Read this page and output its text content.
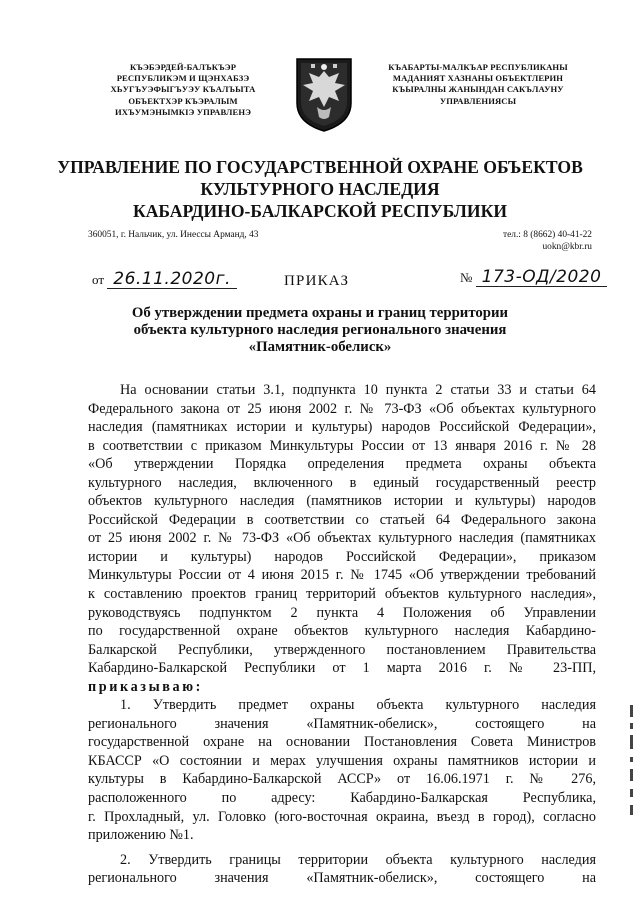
КЪЭБЭРДЕЙ-БАЛЪКЪЭР
РЕСПУБЛИКЭМ И ЩЭНХАБЗЭ
ХЬУГЪУЭФЫГЪУЭУ КЪАЛЪЫТА
ОБЪЕКТХЭР КЪЭРАЛЫМ
ИХЪУМЭНЫМКIЭ УПРАВЛЕНЭ
КЪАБАРТЫ-МАЛКЪАР РЕСПУБЛИКАНЫ
МАДАНИЯТ ХАЗНАНЫ ОБЪЕКТЛЕРИН
КЪЫРАЛНЫ ЖАНЫНДАН САКЪЛАУНУ
УПРАВЛЕНИЯСЫ
УПРАВЛЕНИЕ ПО ГОСУДАРСТВЕННОЙ ОХРАНЕ ОБЪЕКТОВ
КУЛЬТУРНОГО НАСЛЕДИЯ
КАБАРДИНО-БАЛКАРСКОЙ РЕСПУБЛИКИ
360051, г. Нальчик, ул. Инессы Арманд, 43	тел.: 8 (8662) 40-41-22
uokn@kbr.ru
от 26.11.2020г.	ПРИКАЗ	№ 173-ОД/2020
Об утверждении предмета охраны и границ территории
объекта культурного наследия регионального значения
«Памятник-обелиск»
На основании статьи 3.1, подпункта 10 пункта 2 статьи 33 и статьи 64
Федерального закона от 25 июня 2002 г. № 73-ФЗ «Об объектах культурного
наследия (памятниках истории и культуры) народов Российской Федерации»,
в соответствии с приказом Минкультуры России от 13 января 2016 г. № 28
«Об утверждении Порядка определения предмета охраны объекта
культурного наследия, включенного в единый государственный реестр
объектов культурного наследия (памятников истории и культуры) народов
Российской Федерации в соответствии со статьей 64 Федерального закона
от 25 июня 2002 г. № 73-ФЗ «Об объектах культурного наследия (памятниках
истории и культуры) народов Российской Федерации», приказом
Минкультуры России от 4 июня 2015 г. № 1745 «Об утверждении требований
к составлению проектов границ территорий объектов культурного наследия»,
руководствуясь подпунктом 2 пункта 4 Положения об Управлении
по государственной охране объектов культурного наследия Кабардино-
Балкарской Республики, утвержденного постановлением Правительства
Кабардино-Балкарской Республики от 1 марта 2016 г. № 23-ПП,
приказываю:
1. Утвердить предмет охраны объекта культурного наследия
регионального значения «Памятник-обелиск», состоящего на
государственной охране на основании Постановления Совета Министров
КБАССР «О состоянии и мерах улучшения охраны памятников истории и
культуры в Кабардино-Балкарской АССР» от 16.06.1971 г. № 276,
расположенного по адресу: Кабардино-Балкарская Республика,
г. Прохладный, ул. Головко (юго-восточная окраина, въезд в город), согласно
приложению №1.
2. Утвердить границы территории объекта культурного наследия
регионального значения «Памятник-обелиск», состоящего на
